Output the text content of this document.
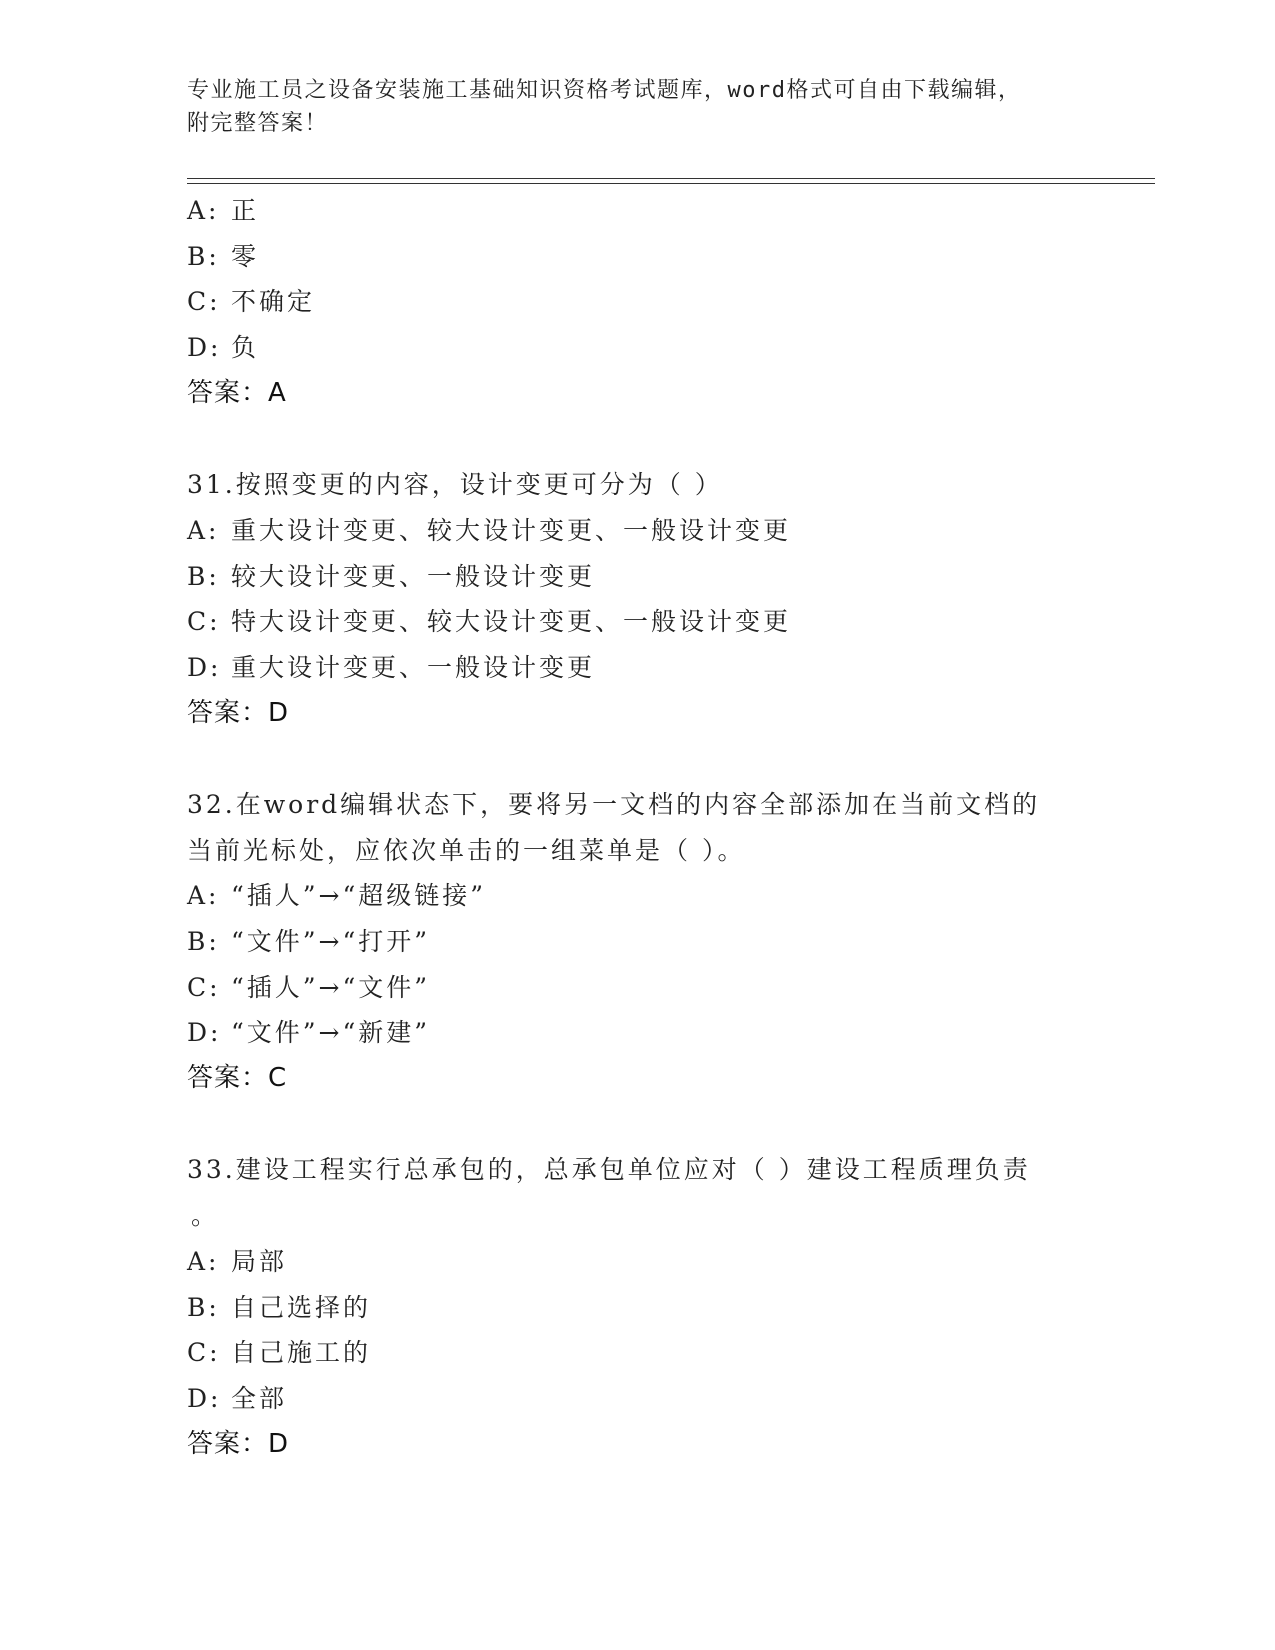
专业施工员之设备安装施工基础知识资格考试题库，word格式可自由下载编辑，
附完整答案！
A: 正
B: 零
C: 不确定
D: 负
答案：A
31.按照变更的内容，设计变更可分为（ ）
A: 重大设计变更、较大设计变更、一般设计变更
B: 较大设计变更、一般设计变更
C: 特大设计变更、较大设计变更、一般设计变更
D: 重大设计变更、一般设计变更
答案：D
32.在word编辑状态下，要将另一文档的内容全部添加在当前文档的
当前光标处，应依次单击的一组菜单是（ ）。
A: “插人”→“超级链接”
B: “文件”→“打开”
C: “插人”→“文件”
D: “文件”→“新建”
答案：C
33.建设工程实行总承包的，总承包单位应对（ ）建设工程质理负责
。
A: 局部
B: 自己选择的
C: 自己施工的
D: 全部
答案：D
